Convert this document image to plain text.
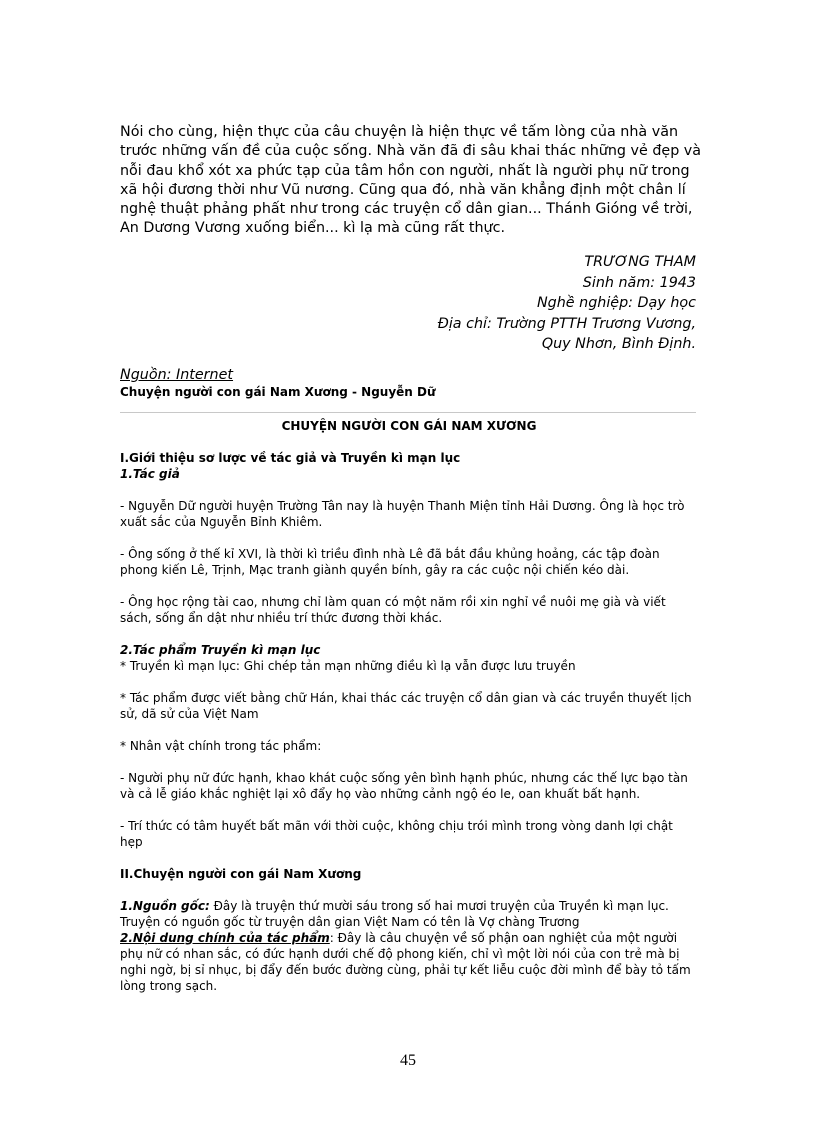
Nói cho cùng, hiện thực của câu chuyện là hiện thực về tấm lòng của nhà văn trước những vấn đề của cuộc sống. Nhà văn đã đi sâu khai thác những vẻ đẹp và nỗi đau khổ xót xa phức tạp của tâm hồn con người, nhất là người phụ nữ trong xã hội đương thời như Vũ nương. Cũng qua đó, nhà văn khẳng định một chân lí nghệ thuật phảng phất như trong các truyện cổ dân gian... Thánh Gióng về trời, An Dương Vương xuống biển... kì lạ mà cũng rất thực.
TRƯƠNG THAM
Sinh năm: 1943
Nghề nghiệp: Dạy học
Địa chỉ: Trường PTTH Trương Vương,
Quy Nhơn, Bình Định.
Nguồn: Internet
Chuyện người con gái Nam Xương - Nguyễn Dữ

CHUYỆN NGƯỜI CON GÁI NAM XƯƠNG

I.Giới thiệu sơ lược về tác giả và Truyền kì mạn lục

1.Tác giả

- Nguyễn Dữ người huyện Trường Tân nay là huyện Thanh Miện tỉnh Hải Dương. Ông là học trò xuất sắc của Nguyễn Bỉnh Khiêm.

- Ông sống ở thế kỉ XVI, là thời kì triều đình nhà Lê đã bắt đầu khủng hoảng, các tập đoàn phong kiến Lê, Trịnh, Mạc tranh giành quyền bính, gây ra các cuộc nội chiến kéo dài.

- Ông học rộng tài cao, nhưng chỉ làm quan có một năm rồi xin nghỉ về nuôi mẹ già và viết sách, sống ẩn dật như nhiều trí thức đương thời khác.

2.Tác phẩm Truyền kì mạn lục

* Truyền kì mạn lục: Ghi chép tản mạn những điều kì lạ vẫn được lưu truyền

* Tác phẩm được viết bằng chữ Hán, khai thác các truyện cổ dân gian và các truyền thuyết lịch sử, dã sử của Việt Nam

* Nhân vật chính trong tác phẩm:

- Người phụ nữ đức hạnh, khao khát cuộc sống yên bình hạnh phúc, nhưng các thế lực bạo tàn và cả lễ giáo khắc nghiệt lại xô đẩy họ vào những cảnh ngộ éo le, oan khuất bất hạnh.

- Trí thức có tâm huyết bất mãn với thời cuộc, không chịu trói mình trong vòng danh lợi chật hẹp

II.Chuyện người con gái Nam Xương

1.Nguồn gốc: Đây là truyện thứ mười sáu trong số hai mươi truyện của Truyền kì mạn lục. Truyện có nguồn gốc từ truyện dân gian Việt Nam có tên là Vợ chàng Trương

2.Nội dung chính của tác phẩm: Đây là câu chuyện về số phận oan nghiệt của một người phụ nữ có nhan sắc, có đức hạnh dưới chế độ phong kiến, chỉ vì một lời nói của con trẻ mà bị nghi ngờ, bị sỉ nhục, bị đẩy đến bước đường cùng, phải tự kết liễu cuộc đời mình để bày tỏ tấm lòng trong sạch.

45
